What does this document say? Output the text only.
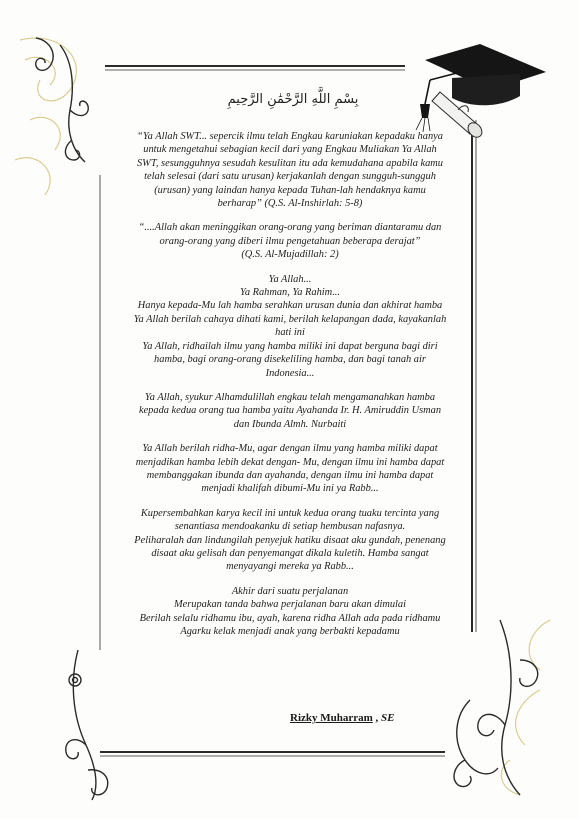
بِسْمِ اللَّهِ الرَّحْمَٰنِ الرَّحِيمِ

“Ya Allah SWT... sepercik ilmu telah Engkau karuniakan kepadaku hanya

untuk mengetahui sebagian kecil dari yang Engkau Muliakan Ya Allah

SWT, sesungguhnya sesudah kesulitan itu ada kemudahana apabila kamu

telah selesai (dari satu urusan) kerjakanlah dengan sungguh-sungguh

(urusan) yang laindan hanya kepada Tuhan-lah hendaknya kamu

berharap” (Q.S. Al-Inshirlah: 5-8)

“....Allah akan meninggikan orang-orang yang beriman diantaramu dan

orang-orang yang diberi ilmu pengetahuan beberapa derajat”

(Q.S. Al-Mujadillah: 2)

Ya Allah...

Ya Rahman, Ya Rahim...

Hanya kepada-Mu lah hamba serahkan urusan dunia dan akhirat hamba

Ya Allah berilah cahaya dihati kami, berilah kelapangan dada, kayakanlah

hati ini

Ya Allah, ridhailah ilmu yang hamba miliki ini dapat berguna bagi diri

hamba, bagi orang-orang disekeliling hamba, dan bagi tanah air

Indonesia...

Ya Allah, syukur Alhamdulillah engkau telah mengamanahkan hamba

kepada kedua orang tua hamba yaitu Ayahanda Ir. H. Amiruddin Usman

dan Ibunda Almh. Nurbaiti

Ya Allah berilah ridha-Mu, agar dengan ilmu yang hamba miliki dapat

menjadikan hamba lebih dekat dengan- Mu, dengan ilmu ini hamba dapat

membanggakan ibunda dan ayahanda, dengan ilmu ini hamba dapat

menjadi khalifah dibumi-Mu ini ya Rabb...

Kupersembahkan karya kecil ini untuk kedua orang tuaku tercinta yang

senantiasa mendoakanku di setiap hembusan nafasnya.

Peliharalah dan lindungilah penyejuk hatiku disaat aku gundah, penenang

disaat aku gelisah dan penyemangat dikala kuletih. Hamba sangat

menyayangi mereka ya Rabb...

Akhir dari suatu perjalanan

Merupakan tanda bahwa perjalanan baru akan dimulai

Berilah selalu ridhamu ibu, ayah, karena ridha Allah ada pada ridhamu

Agarku kelak menjadi anak yang berbakti kepadamu

Rizky Muharram , SE
